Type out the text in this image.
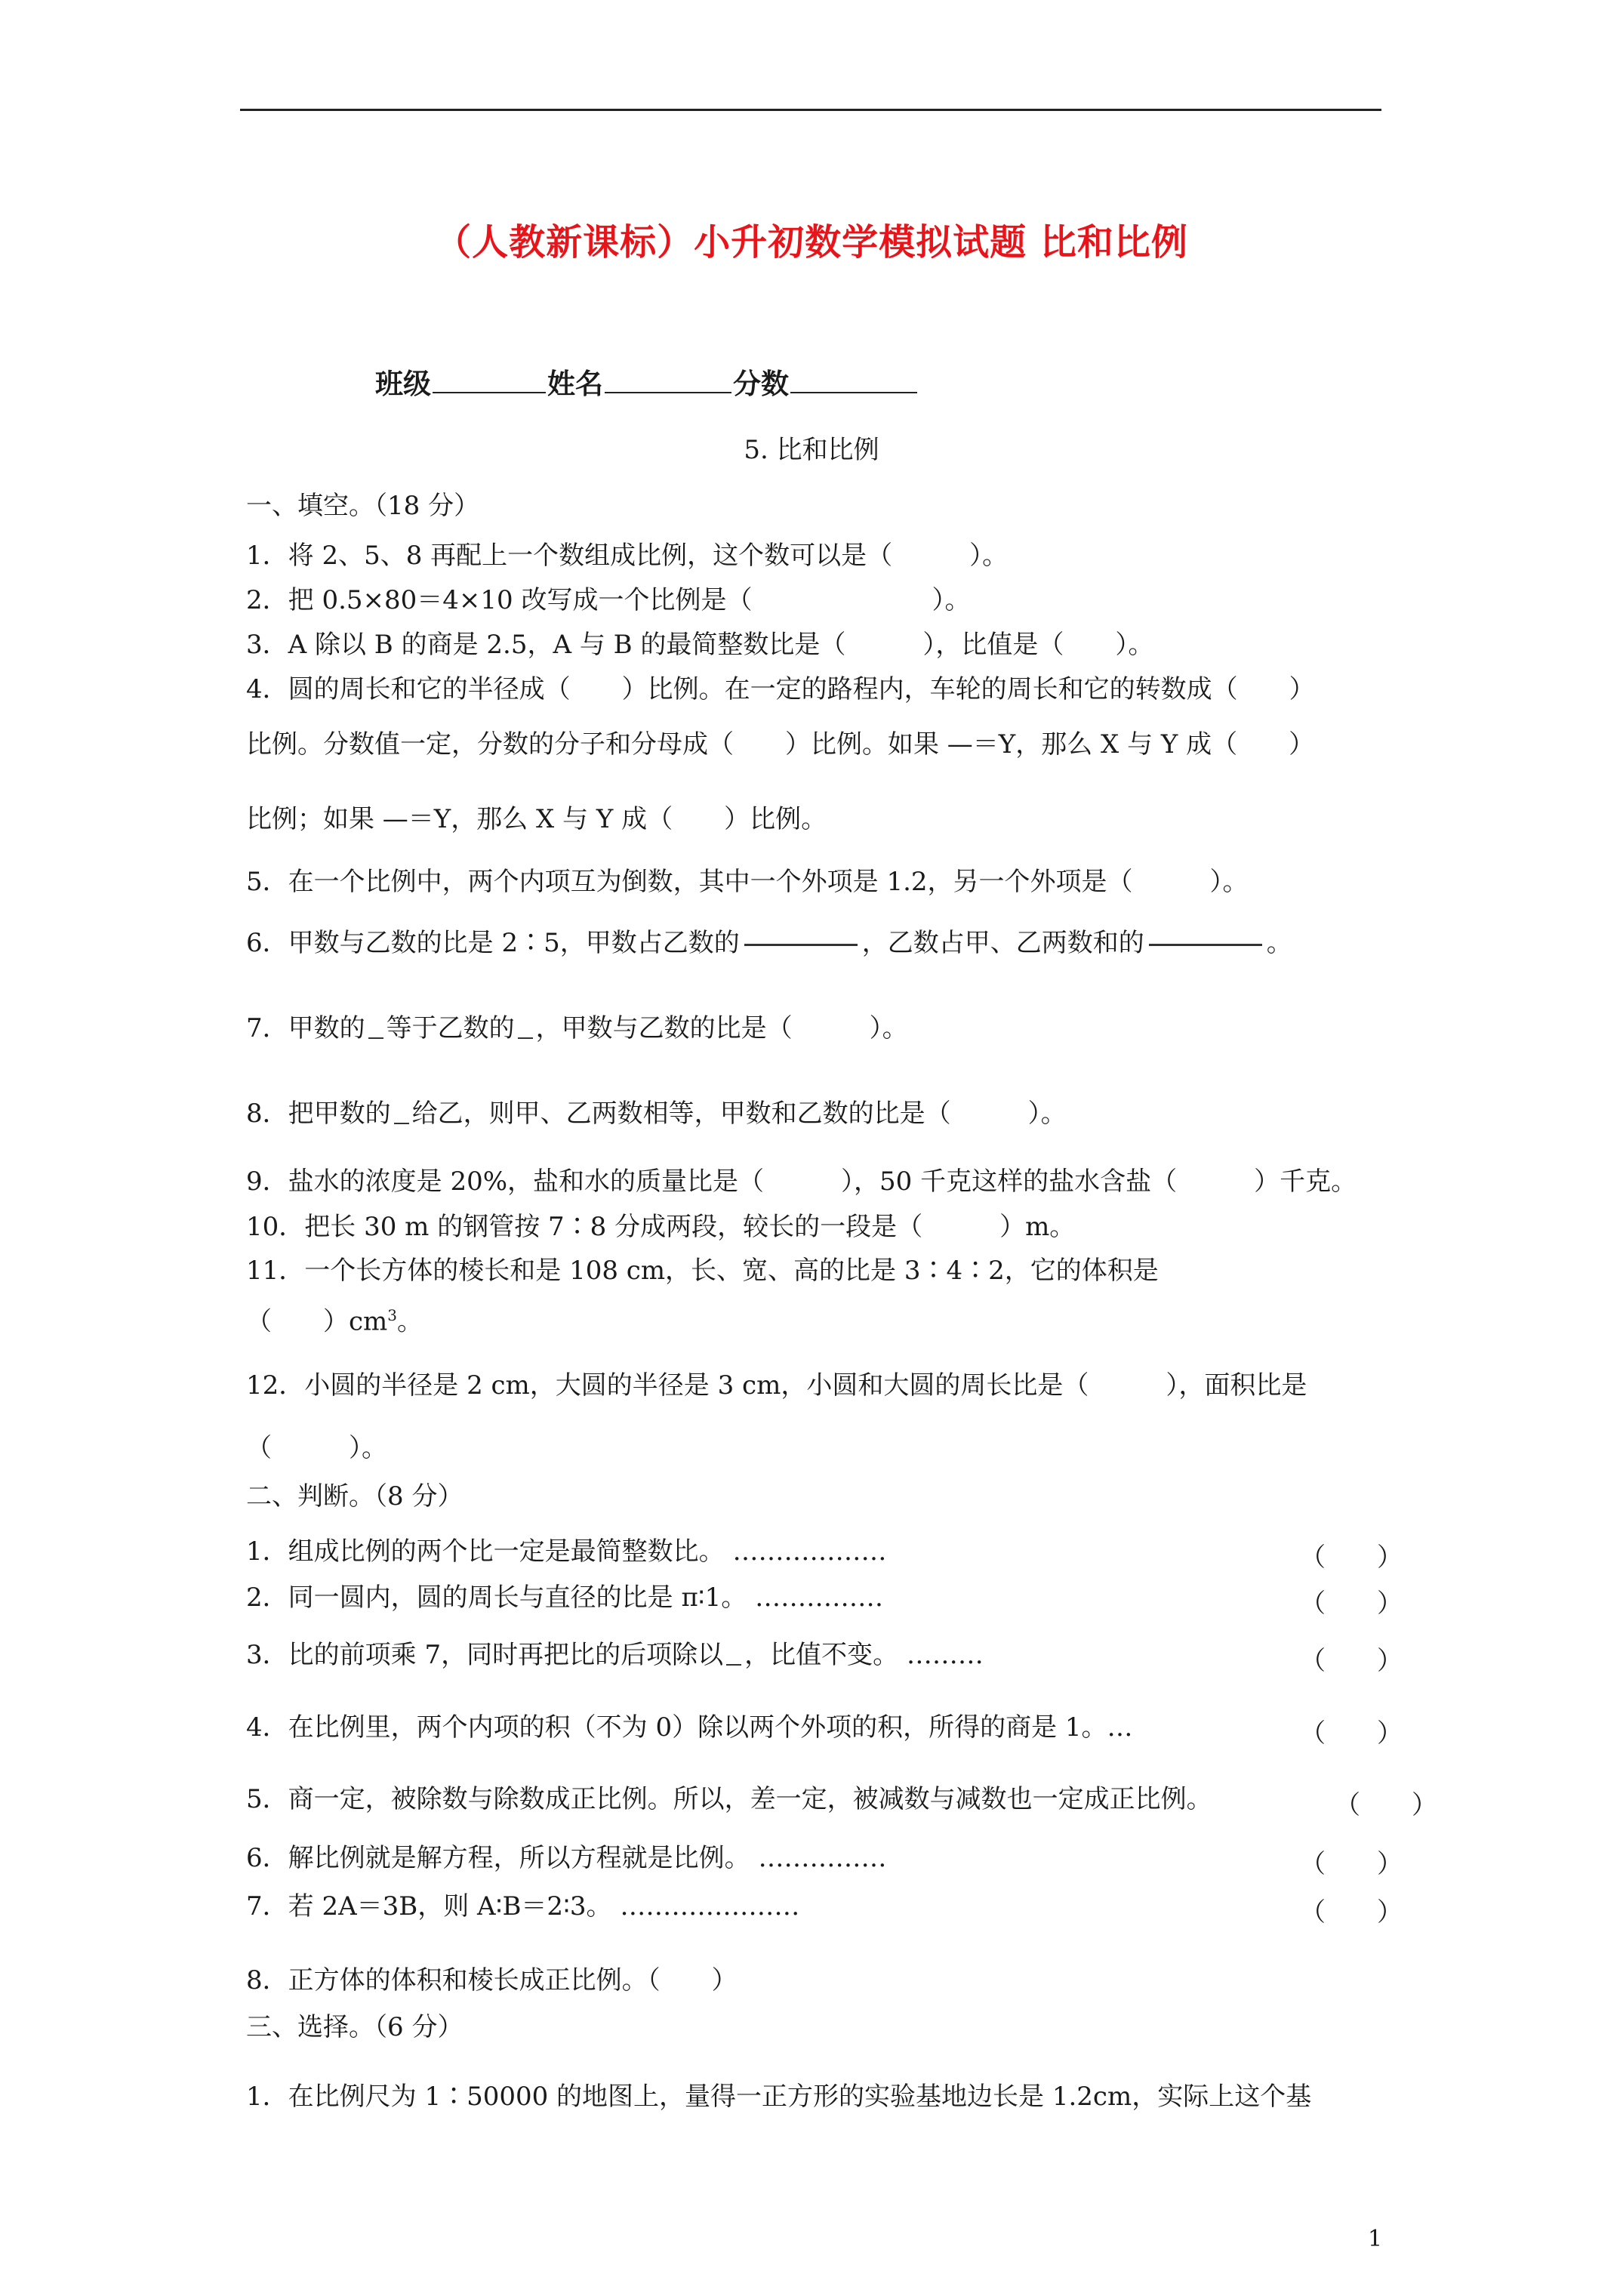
（人教新课标）小升初数学模拟试题 比和比例
班级	姓名	分数
5. 比和比例
一、填空。（18 分）
1．将 2、5、8 再配上一个数组成比例，这个数可以是（　　　）。
2．把 0.5×80＝4×10 改写成一个比例是（　　　　　　　）。
3．A 除以 B 的商是 2.5，A 与 B 的最简整数比是（　　　），比值是（　　）。
4．圆的周长和它的半径成（　　）比例。在一定的路程内，车轮的周长和它的转数成（　　）
比例。分数值一定，分数的分子和分母成（　　）比例。如果 —＝Y，那么 X 与 Y 成（　　）
比例；如果 —＝Y，那么 X 与 Y 成（　　）比例。
5．在一个比例中，两个内项互为倒数，其中一个外项是 1.2，另一个外项是（　　　）。
6．甲数与乙数的比是 2∶5，甲数占乙数的	，乙数占甲、乙两数和的	。
7．甲数的 等于乙数的 ，甲数与乙数的比是（　　　）。
8．把甲数的 给乙，则甲、乙两数相等，甲数和乙数的比是（　　　）。
9．盐水的浓度是 20%，盐和水的质量比是（　　　），50 千克这样的盐水含盐（　　　）千克。
10．把长 30 m 的钢管按 7∶8 分成两段，较长的一段是（　　　）m。
11．一个长方体的棱长和是 108 cm，长、宽、高的比是 3∶4∶2，它的体积是
（　　）$cm^3$。
12．小圆的半径是 2 cm，大圆的半径是 3 cm，小圆和大圆的周长比是（　　　），面积比是
（　　　）。
二、判断。（8 分）
1．组成比例的两个比一定是最简整数比。 ………………	（　　）
2．同一圆内，圆的周长与直径的比是 π∶1。 ……………	（　　）
3．比的前项乘 7，同时再把比的后项除以 ，比值不变。 ………	（　　）
4．在比例里，两个内项的积（不为 0）除以两个外项的积，所得的商是 1。…	（　　）
5．商一定，被除数与除数成正比例。所以，差一定，被减数与减数也一定成正比例。	（　　）
6．解比例就是解方程，所以方程就是比例。 ……………	（　　）
7．若 2A＝3B，则 A∶B＝2∶3。 …………………	（　　）
8．正方体的体积和棱长成正比例。（　　）
三、选择。（6 分）
1．在比例尺为 1∶50000 的地图上，量得一正方形的实验基地边长是 1.2cm，实际上这个基
1
